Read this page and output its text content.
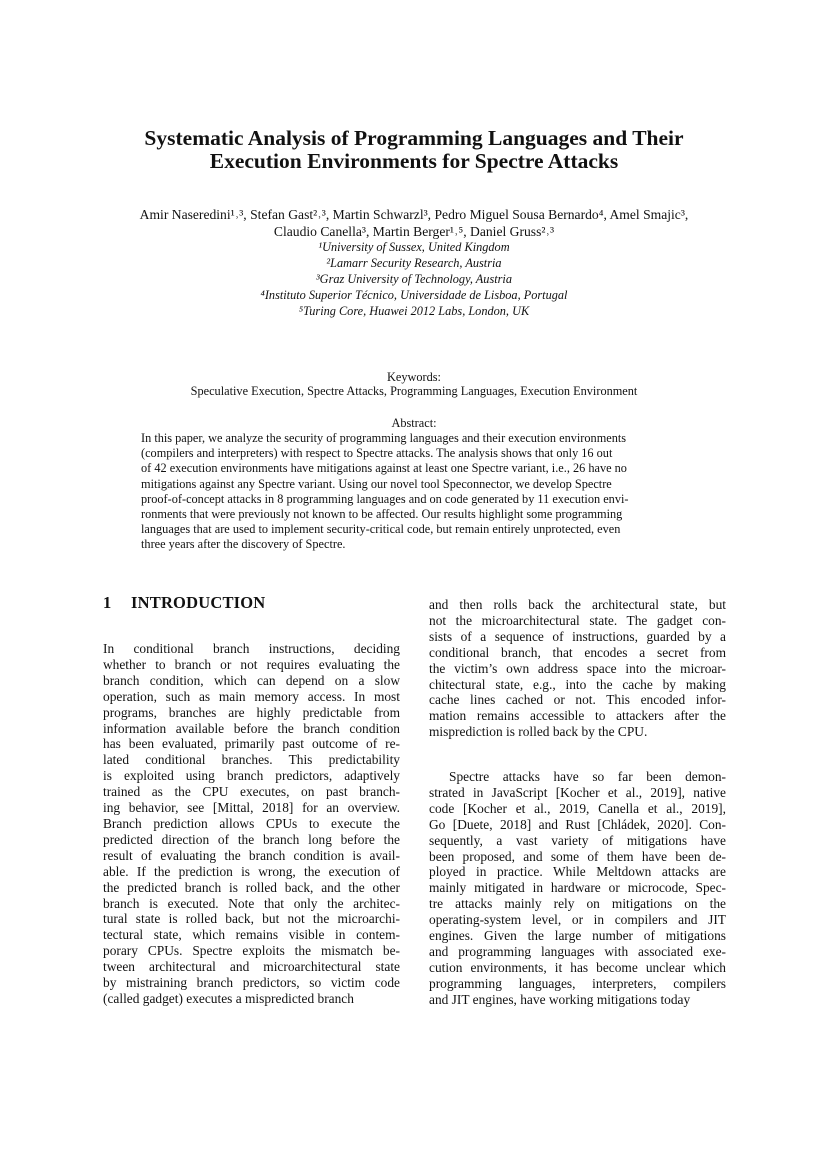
Systematic Analysis of Programming Languages and Their
Execution Environments for Spectre Attacks
Amir Naseredini¹˒³, Stefan Gast²˒³, Martin Schwarzl³, Pedro Miguel Sousa Bernardo⁴, Amel Smajic³,
Claudio Canella³, Martin Berger¹˒⁵, Daniel Gruss²˒³
¹University of Sussex, United Kingdom
²Lamarr Security Research, Austria
³Graz University of Technology, Austria
⁴Instituto Superior Técnico, Universidade de Lisboa, Portugal
⁵Turing Core, Huawei 2012 Labs, London, UK
Keywords:
Speculative Execution, Spectre Attacks, Programming Languages, Execution Environment
Abstract:
In this paper, we analyze the security of programming languages and their execution environments
(compilers and interpreters) with respect to Spectre attacks. The analysis shows that only 16 out
of 42 execution environments have mitigations against at least one Spectre variant, i.e., 26 have no
mitigations against any Spectre variant. Using our novel tool Speconnector, we develop Spectre
proof-of-concept attacks in 8 programming languages and on code generated by 11 execution envi-
ronments that were previously not known to be affected. Our results highlight some programming
languages that are used to implement security-critical code, but remain entirely unprotected, even
three years after the discovery of Spectre.
1 INTRODUCTION
In conditional branch instructions, deciding
whether to branch or not requires evaluating the
branch condition, which can depend on a slow
operation, such as main memory access. In most
programs, branches are highly predictable from
information available before the branch condition
has been evaluated, primarily past outcome of re-
lated conditional branches. This predictability
is exploited using branch predictors, adaptively
trained as the CPU executes, on past branch-
ing behavior, see [Mittal, 2018] for an overview.
Branch prediction allows CPUs to execute the
predicted direction of the branch long before the
result of evaluating the branch condition is avail-
able. If the prediction is wrong, the execution of
the predicted branch is rolled back, and the other
branch is executed. Note that only the architec-
tural state is rolled back, but not the microarchi-
tectural state, which remains visible in contem-
porary CPUs. Spectre exploits the mismatch be-
tween architectural and microarchitectural state
by mistraining branch predictors, so victim code
(called gadget) executes a mispredicted branch
and then rolls back the architectural state, but
not the microarchitectural state. The gadget con-
sists of a sequence of instructions, guarded by a
conditional branch, that encodes a secret from
the victim’s own address space into the microar-
chitectural state, e.g., into the cache by making
cache lines cached or not. This encoded infor-
mation remains accessible to attackers after the
misprediction is rolled back by the CPU.
Spectre attacks have so far been demon-
strated in JavaScript [Kocher et al., 2019], native
code [Kocher et al., 2019, Canella et al., 2019],
Go [Duete, 2018] and Rust [Chládek, 2020]. Con-
sequently, a vast variety of mitigations have
been proposed, and some of them have been de-
ployed in practice. While Meltdown attacks are
mainly mitigated in hardware or microcode, Spec-
tre attacks mainly rely on mitigations on the
operating-system level, or in compilers and JIT
engines. Given the large number of mitigations
and programming languages with associated exe-
cution environments, it has become unclear which
programming languages, interpreters, compilers
and JIT engines, have working mitigations today
